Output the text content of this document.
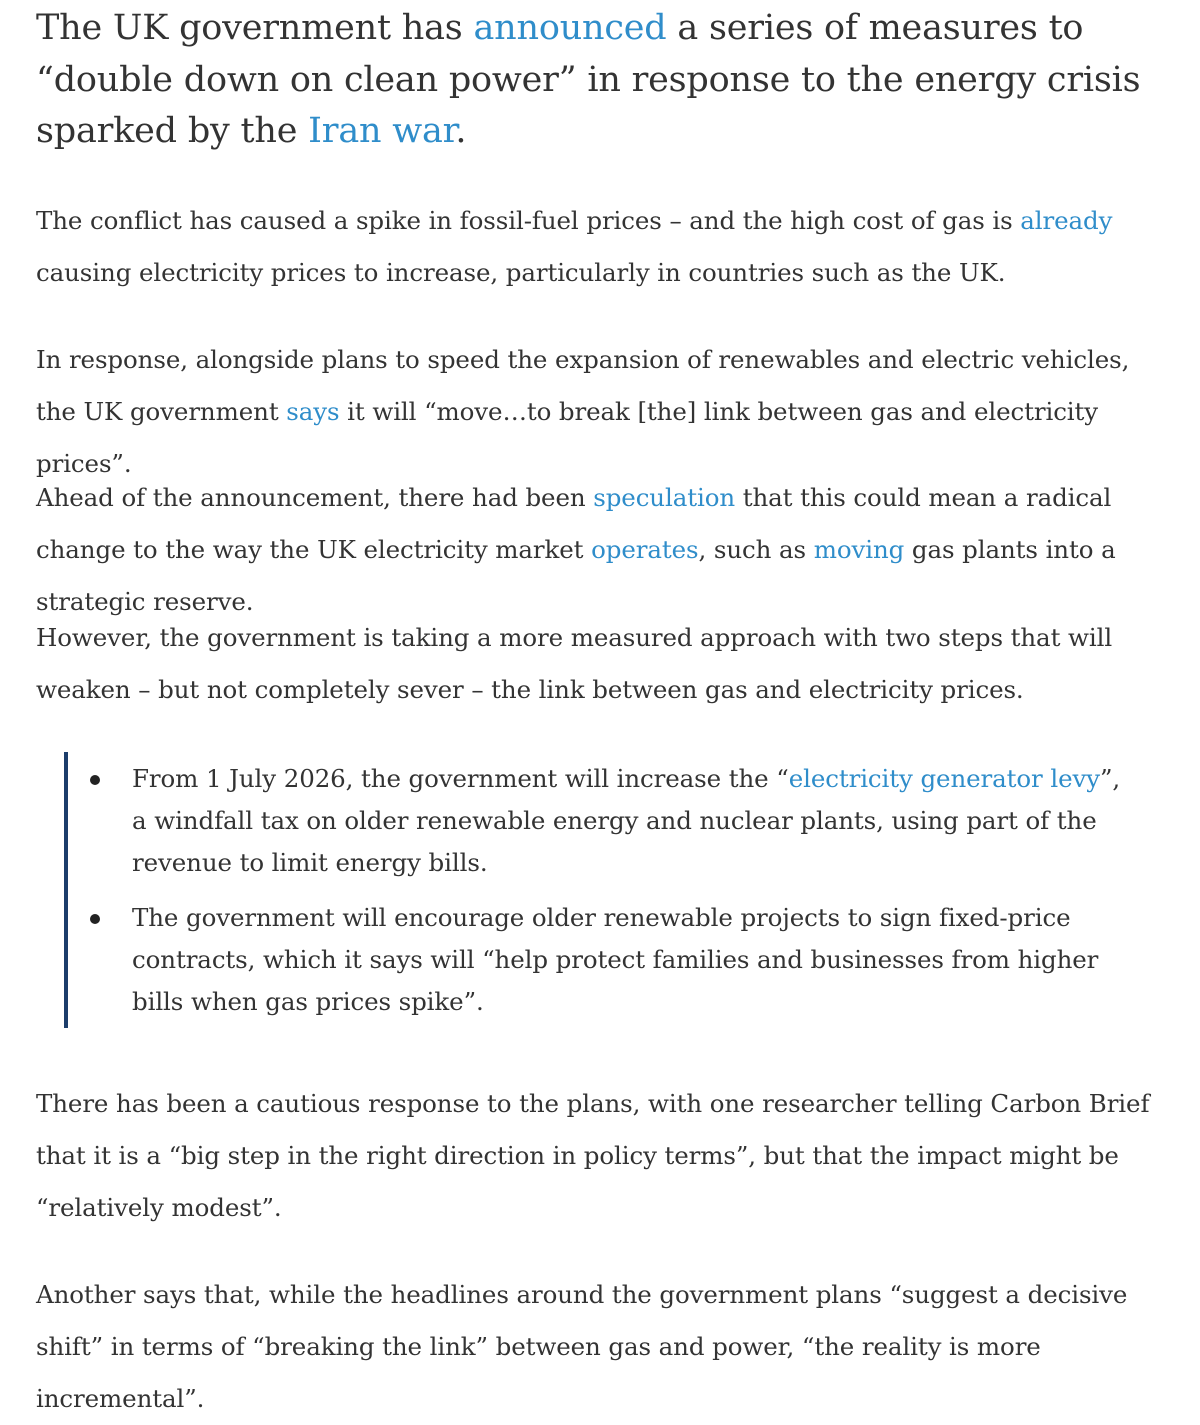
The UK government has announced a series of measures to “double down on clean power” in response to the energy crisis sparked by the Iran war.

The conflict has caused a spike in fossil-fuel prices – and the high cost of gas is already causing electricity prices to increase, particularly in countries such as the UK.

In response, alongside plans to speed the expansion of renewables and electric vehicles, the UK government says it will “move…to break [the] link between gas and electricity prices”.

Ahead of the announcement, there had been speculation that this could mean a radical change to the way the UK electricity market operates, such as moving gas plants into a strategic reserve.

However, the government is taking a more measured approach with two steps that will weaken – but not completely sever – the link between gas and electricity prices.

From 1 July 2026, the government will increase the “electricity generator levy”, a windfall tax on older renewable energy and nuclear plants, using part of the revenue to limit energy bills.
The government will encourage older renewable projects to sign fixed-price contracts, which it says will “help protect families and businesses from higher bills when gas prices spike”.

There has been a cautious response to the plans, with one researcher telling Carbon Brief that it is a “big step in the right direction in policy terms”, but that the impact might be “relatively modest”.

Another says that, while the headlines around the government plans “suggest a decisive shift” in terms of “breaking the link” between gas and power, “the reality is more incremental”.
